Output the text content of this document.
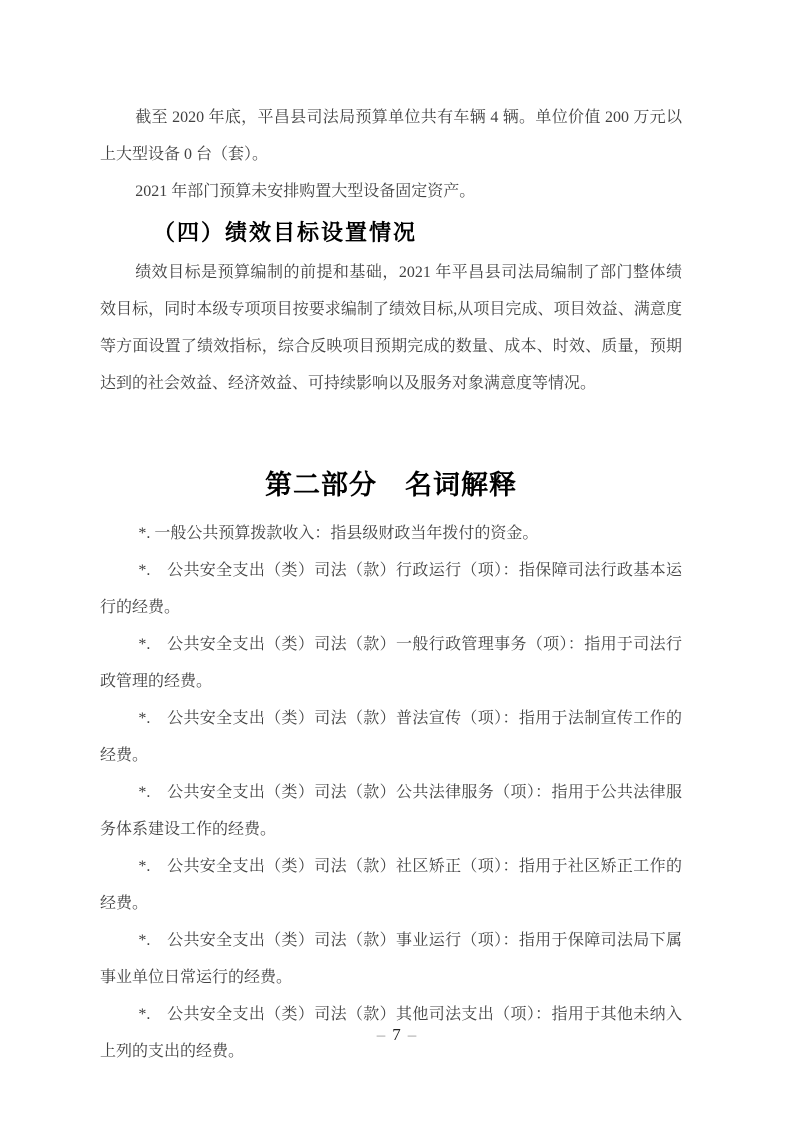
截至 2020 年底，平昌县司法局预算单位共有车辆 4 辆。单位价值 200 万元以上大型设备 0 台（套）。

2021 年部门预算未安排购置大型设备固定资产。

（四）绩效目标设置情况

绩效目标是预算编制的前提和基础，2021 年平昌县司法局编制了部门整体绩效目标，同时本级专项项目按要求编制了绩效目标,从项目完成、项目效益、满意度等方面设置了绩效指标，综合反映项目预期完成的数量、成本、时效、质量，预期达到的社会效益、经济效益、可持续影响以及服务对象满意度等情况。

第二部分　名词解释

*. 一般公共预算拨款收入：指县级财政当年拨付的资金。

*.　公共安全支出（类）司法（款）行政运行（项）：指保障司法行政基本运行的经费。

*.　公共安全支出（类）司法（款）一般行政管理事务（项）：指用于司法行政管理的经费。

*.　公共安全支出（类）司法（款）普法宣传（项）：指用于法制宣传工作的经费。

*.　公共安全支出（类）司法（款）公共法律服务（项）：指用于公共法律服务体系建设工作的经费。

*.　公共安全支出（类）司法（款）社区矫正（项）：指用于社区矫正工作的经费。

*.　公共安全支出（类）司法（款）事业运行（项）：指用于保障司法局下属事业单位日常运行的经费。

*.　公共安全支出（类）司法（款）其他司法支出（项）：指用于其他未纳入上列的支出的经费。

– 7 –
